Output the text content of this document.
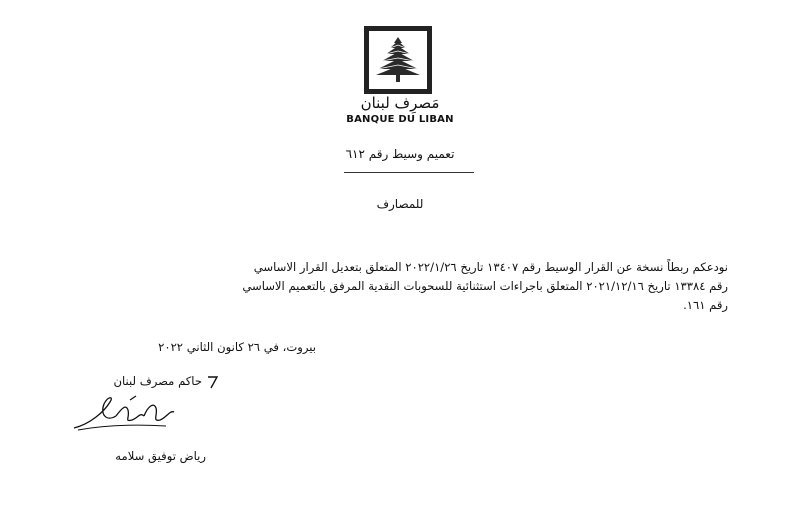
مَصرِف لبنان
BANQUE DU LIBAN
تعميم وسيط رقم ٦١٢
للمصارف
نودعكم ربطاً نسخة عن القرار الوسيط رقم ١٣٤٠٧ تاريخ ٢٠٢٢/١/٢٦ المتعلق بتعديل القرار الاساسي
رقم ١٣٣٨٤ تاريخ ٢٠٢١/١٢/١٦ المتعلق باجراءات استثنائية للسحوبات النقدية المرفق بالتعميم الاساسي
رقم ١٦١.
بيروت، في ٢٦ كانون الثاني ٢٠٢٢
حاكم مصرف لبنان
رياض توفيق سلامه
